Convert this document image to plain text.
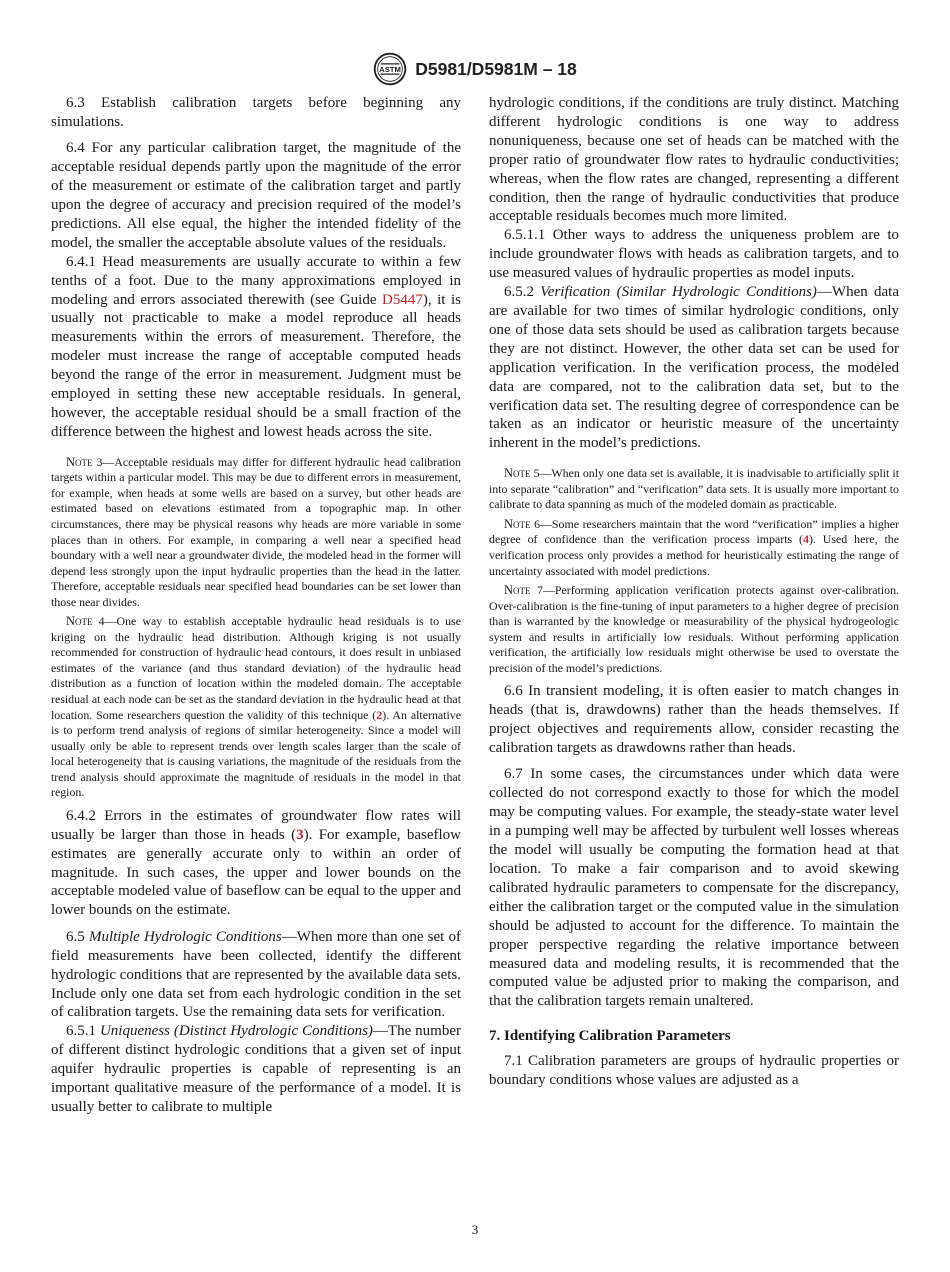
ASTM D5981/D5981M – 18

6.3 Establish calibration targets before beginning any simulations.

6.4 For any particular calibration target, the magnitude of the acceptable residual depends partly upon the magnitude of the error of the measurement or estimate of the calibration target and partly upon the degree of accuracy and precision required of the model’s predictions. All else equal, the higher the intended fidelity of the model, the smaller the acceptable absolute values of the residuals.

6.4.1 Head measurements are usually accurate to within a few tenths of a foot. Due to the many approximations employed in modeling and errors associated therewith (see Guide D5447), it is usually not practicable to make a model reproduce all heads measurements within the errors of measurement. Therefore, the modeler must increase the range of acceptable computed heads beyond the range of the error in measurement. Judgment must be employed in setting these new acceptable residuals. In general, however, the acceptable residual should be a small fraction of the difference between the highest and lowest heads across the site.

Note 3—Acceptable residuals may differ for different hydraulic head calibration targets within a particular model. This may be due to different errors in measurement, for example, when heads at some wells are based on a survey, but other heads are estimated based on elevations estimated from a topographic map. In other circumstances, there may be physical reasons why heads are more variable in some places than in others. For example, in comparing a well near a specified head boundary with a well near a groundwater divide, the modeled head in the former will depend less strongly upon the input hydraulic properties than the head in the latter. Therefore, acceptable residuals near specified head boundaries can be set lower than those near divides.

Note 4—One way to establish acceptable hydraulic head residuals is to use kriging on the hydraulic head distribution. Although kriging is not usually recommended for construction of hydraulic head contours, it does result in unbiased estimates of the variance (and thus standard deviation) of the hydraulic head distribution as a function of location within the modeled domain. The acceptable residual at each node can be set as the standard deviation in the hydraulic head at that location. Some researchers question the validity of this technique (2). An alternative is to perform trend analysis of regions of similar heterogeneity. Since a model will usually only be able to represent trends over length scales larger than the scale of local heterogeneity that is causing variations, the magnitude of the residuals from the trend analysis should approximate the magnitude of residuals in the model in that region.

6.4.2 Errors in the estimates of groundwater flow rates will usually be larger than those in heads (3). For example, baseflow estimates are generally accurate only to within an order of magnitude. In such cases, the upper and lower bounds on the acceptable modeled value of baseflow can be equal to the upper and lower bounds on the estimate.

6.5 Multiple Hydrologic Conditions—When more than one set of field measurements have been collected, identify the different hydrologic conditions that are represented by the available data sets. Include only one data set from each hydrologic condition in the set of calibration targets. Use the remaining data sets for verification.

6.5.1 Uniqueness (Distinct Hydrologic Conditions)—The number of different distinct hydrologic conditions that a given set of input aquifer hydraulic properties is capable of representing is an important qualitative measure of the performance of a model. It is usually better to calibrate to multiple

hydrologic conditions, if the conditions are truly distinct. Matching different hydrologic conditions is one way to address nonuniqueness, because one set of heads can be matched with the proper ratio of groundwater flow rates to hydraulic conductivities; whereas, when the flow rates are changed, representing a different condition, then the range of hydraulic conductivities that produce acceptable residuals becomes much more limited.

6.5.1.1 Other ways to address the uniqueness problem are to include groundwater flows with heads as calibration targets, and to use measured values of hydraulic properties as model inputs.

6.5.2 Verification (Similar Hydrologic Conditions)—When data are available for two times of similar hydrologic conditions, only one of those data sets should be used as calibration targets because they are not distinct. However, the other data set can be used for application verification. In the verification process, the modeled data are compared, not to the calibration data set, but to the verification data set. The resulting degree of correspondence can be taken as an indicator or heuristic measure of the uncertainty inherent in the model’s predictions.

Note 5—When only one data set is available, it is inadvisable to artificially split it into separate “calibration” and “verification” data sets. It is usually more important to calibrate to data spanning as much of the modeled domain as practicable.

Note 6—Some researchers maintain that the word “verification” implies a higher degree of confidence than the verification process imparts (4). Used here, the verification process only provides a method for heuristically estimating the range of uncertainty associated with model predictions.

Note 7—Performing application verification protects against over-calibration. Over-calibration is the fine-tuning of input parameters to a higher degree of precision than is warranted by the knowledge or measurability of the physical hydrogeologic system and results in artificially low residuals. Without performing application verification, the artificially low residuals might otherwise be used to overstate the precision of the model’s predictions.

6.6 In transient modeling, it is often easier to match changes in heads (that is, drawdowns) rather than the heads themselves. If project objectives and requirements allow, consider recasting the calibration targets as drawdowns rather than heads.

6.7 In some cases, the circumstances under which data were collected do not correspond exactly to those for which the model may be computing values. For example, the steady-state water level in a pumping well may be affected by turbulent well losses whereas the model will usually be computing the formation head at that location. To make a fair comparison and to avoid skewing calibrated hydraulic parameters to compensate for the discrepancy, either the calibration target or the computed value in the simulation should be adjusted to account for the difference. To maintain the proper perspective regarding the relative importance between measured data and modeling results, it is recommended that the computed value be adjusted prior to making the comparison, and that the calibration targets remain unaltered.

7. Identifying Calibration Parameters

7.1 Calibration parameters are groups of hydraulic properties or boundary conditions whose values are adjusted as a

3
